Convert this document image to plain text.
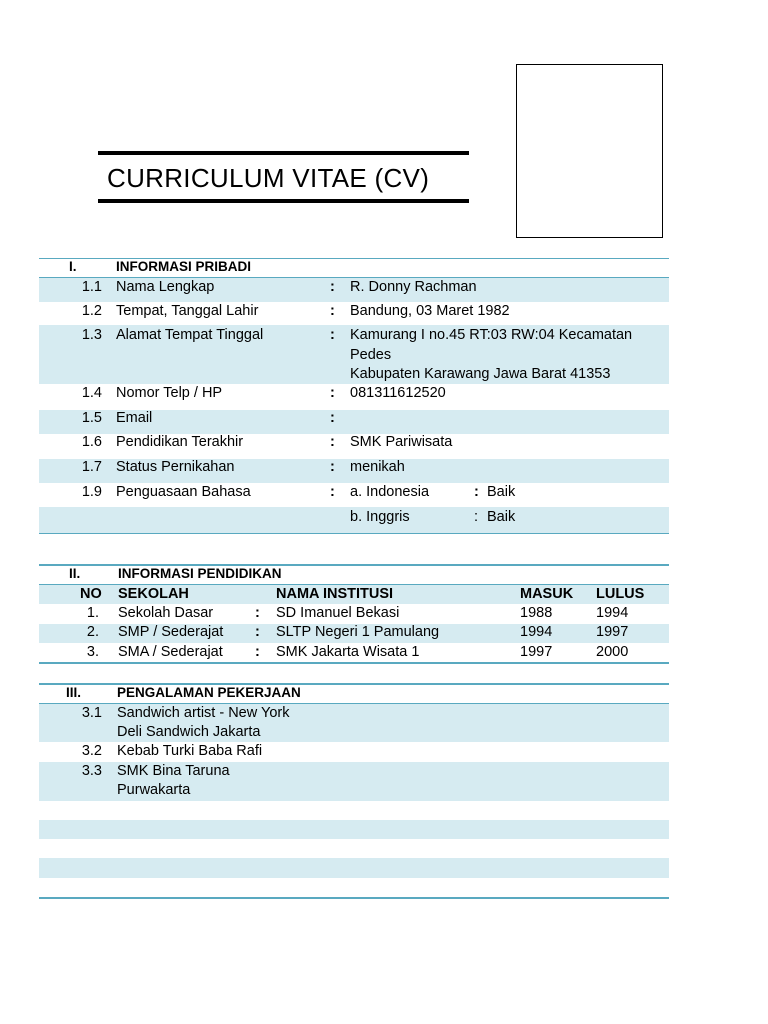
CURRICULUM VITAE (CV)
I.	INFORMASI PRIBADI
1.1 Nama Lengkap	: R. Donny Rachman
1.2 Tempat, Tanggal Lahir	: Bandung, 03 Maret 1982
1.3 Alamat Tempat Tinggal	: Kamurang I no.45 RT:03 RW:04 Kecamatan
Pedes
Kabupaten Karawang Jawa Barat 41353
1.4 Nomor Telp / HP	: 081311612520
1.5 Email	:
1.6 Pendidikan Terakhir	: SMK Pariwisata
1.7 Status Pernikahan	: menikah
1.9 Penguasaan Bahasa	: a. Indonesia	: Baik
b. Inggris	: Baik
II.	INFORMASI PENDIDIKAN
NO SEKOLAH	NAMA INSTITUSI	MASUK LULUS
1. Sekolah Dasar	: SD Imanuel Bekasi	1988	1994
2. SMP / Sederajat : SLTP Negeri 1 Pamulang	1994	1997
3. SMA / Sederajat : SMK Jakarta Wisata 1	1997	2000
III.	PENGALAMAN PEKERJAAN
3.1 Sandwich artist - New York
Deli Sandwich Jakarta
3.2 Kebab Turki Baba Rafi
3.3 SMK Bina Taruna
Purwakarta
